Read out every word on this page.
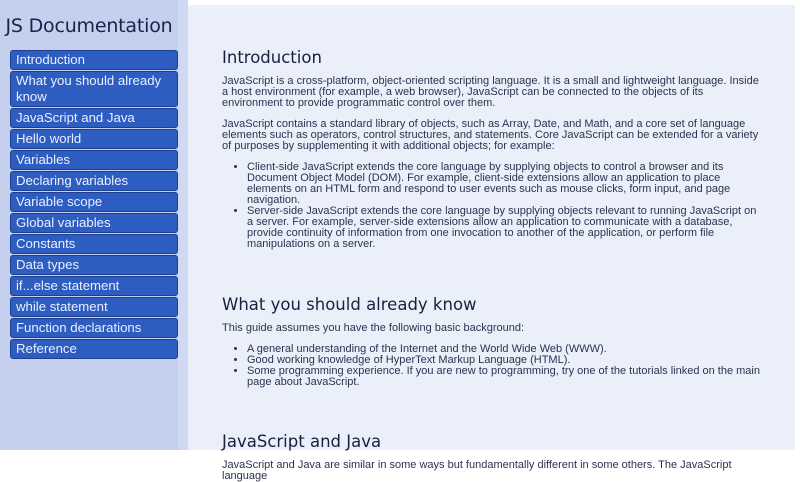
JS Documentation
Introduction
What you should already know
JavaScript and Java
Hello world
Variables
Declaring variables
Variable scope
Global variables
Constants
Data types
if...else statement
while statement
Function declarations
Reference
Introduction

JavaScript is a cross-platform, object-oriented scripting language. It is a small and lightweight language. Inside a host environment (for example, a web browser), JavaScript can be connected to the objects of its environment to provide programmatic control over them.

JavaScript contains a standard library of objects, such as Array, Date, and Math, and a core set of language elements such as operators, control structures, and statements. Core JavaScript can be extended for a variety of purposes by supplementing it with additional objects; for example:

• Client-side JavaScript extends the core language by supplying objects to control a browser and its Document Object Model (DOM). For example, client-side extensions allow an application to place elements on an HTML form and respond to user events such as mouse clicks, form input, and page navigation.
• Server-side JavaScript extends the core language by supplying objects relevant to running JavaScript on a server. For example, server-side extensions allow an application to communicate with a database, provide continuity of information from one invocation to another of the application, or perform file manipulations on a server.
What you should already know

This guide assumes you have the following basic background:

• A general understanding of the Internet and the World Wide Web (WWW).
• Good working knowledge of HyperText Markup Language (HTML).
• Some programming experience. If you are new to programming, try one of the tutorials linked on the main page about JavaScript.
JavaScript and Java

JavaScript and Java are similar in some ways but fundamentally different in some others. The JavaScript language
